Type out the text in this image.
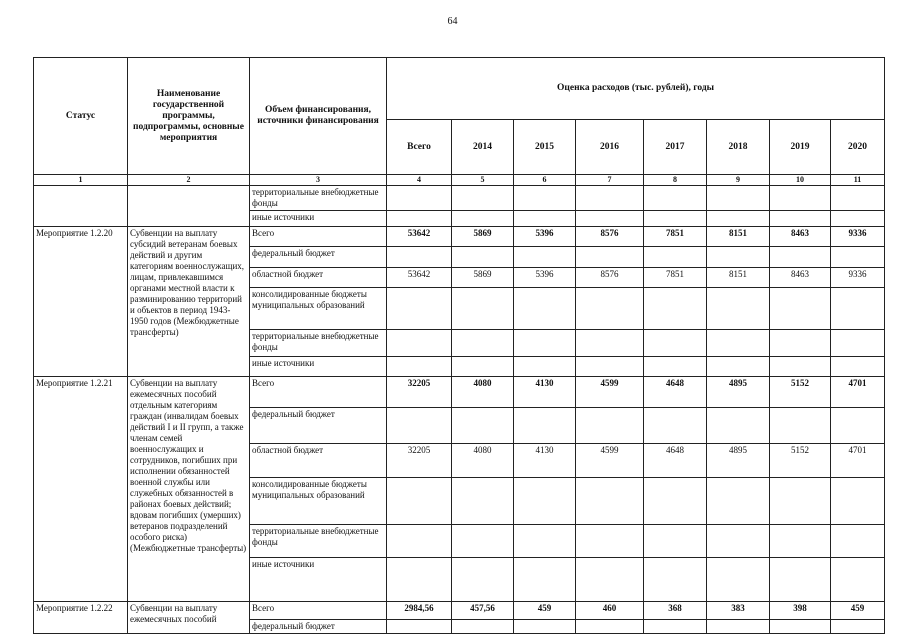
64
Статус	Наименование государственной программы, подпрограммы, основные мероприятия	Объем финансирования, источники финансирования	Оценка расходов (тыс. рублей), годы							
			Всего	2014	2015	2016	2017	2018	2019	2020
1	2	3	4	5	6	7	8	9	10	11
		территориальные внебюджетные фонды								
		иные источники								
Мероприятие 1.2.20	Субвенции на выплату субсидий ветеранам боевых действий и другим категориям военнослужащих, лицам, привлекавшимся органами местной власти к разминированию территорий и объектов в период 1943-1950 годов (Межбюджетные трансферты)	Всего	53642	5869	5396	8576	7851	8151	8463	9336
		федеральный бюджет								
		областной бюджет	53642	5869	5396	8576	7851	8151	8463	9336
		консолидированные бюджеты муниципальных образований								
		территориальные внебюджетные фонды								
		иные источники								
Мероприятие 1.2.21	Субвенции на выплату ежемесячных пособий отдельным категориям граждан (инвалидам боевых действий I и II групп, а также членам семей военнослужащих и сотрудников, погибших при исполнении обязанностей военной службы или служебных обязанностей в районах боевых действий; вдовам погибших (умерших) ветеранов подразделений особого риска) (Межбюджетные трансферты)	Всего	32205	4080	4130	4599	4648	4895	5152	4701
		федеральный бюджет								
		областной бюджет	32205	4080	4130	4599	4648	4895	5152	4701
		консолидированные бюджеты муниципальных образований								
		территориальные внебюджетные фонды								
		иные источники								
Мероприятие 1.2.22	Субвенции на выплату ежемесячных пособий	Всего	2984,56	457,56	459	460	368	383	398	459
		федеральный бюджет								
